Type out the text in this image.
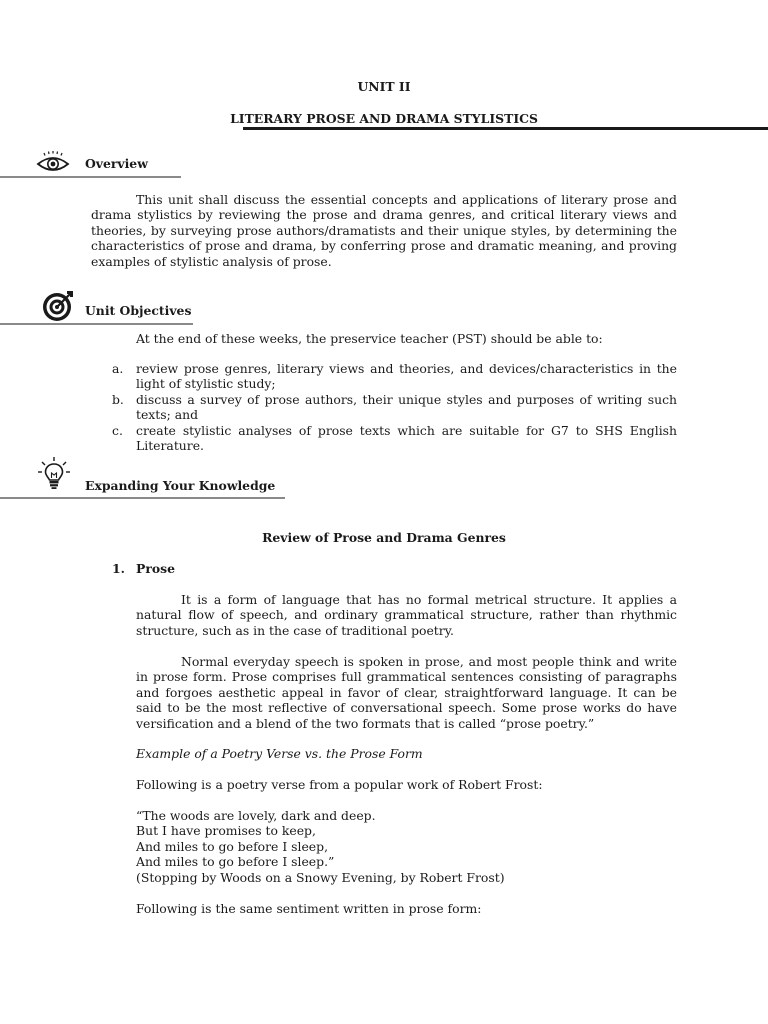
UNIT II
LITERARY PROSE AND DRAMA STYLISTICS
Overview
This unit shall discuss the essential concepts and applications of literary prose and drama stylistics by reviewing the prose and drama genres, and critical literary views and theories, by surveying prose authors/dramatists and their unique styles, by determining the characteristics of prose and drama, by conferring prose and dramatic meaning, and proving examples of stylistic analysis of prose.
Unit Objectives
At the end of these weeks, the preservice teacher (PST) should be able to:
a. review prose genres, literary views and theories, and devices/characteristics in the light of stylistic study;
b. discuss a survey of prose authors, their unique styles and purposes of writing such texts; and
c. create stylistic analyses of prose texts which are suitable for G7 to SHS English Literature.
Expanding Your Knowledge
Review of Prose and Drama Genres
1. Prose
It is a form of language that has no formal metrical structure. It applies a natural flow of speech, and ordinary grammatical structure, rather than rhythmic structure, such as in the case of traditional poetry.
Normal everyday speech is spoken in prose, and most people think and write in prose form. Prose comprises full grammatical sentences consisting of paragraphs and forgoes aesthetic appeal in favor of clear, straightforward language. It can be said to be the most reflective of conversational speech. Some prose works do have versification and a blend of the two formats that is called “prose poetry.”
Example of a Poetry Verse vs. the Prose Form
Following is a poetry verse from a popular work of Robert Frost:
“The woods are lovely, dark and deep.
But I have promises to keep,
And miles to go before I sleep,
And miles to go before I sleep.”
(Stopping by Woods on a Snowy Evening, by Robert Frost)
Following is the same sentiment written in prose form:
